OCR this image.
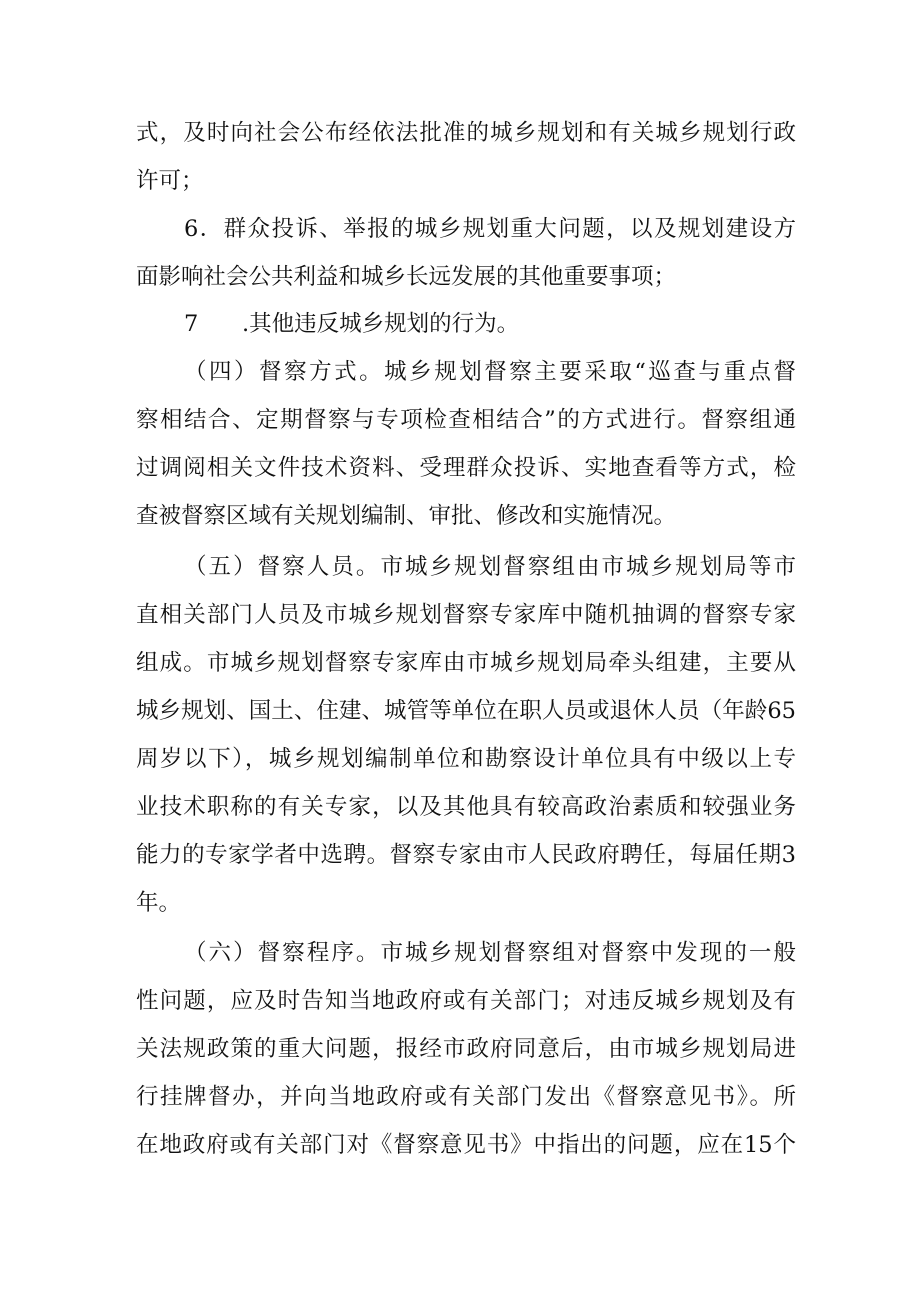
式，及时向社会公布经依法批准的城乡规划和有关城乡规划行政
许可；
6．群众投诉、举报的城乡规划重大问题，以及规划建设方
面影响社会公共利益和城乡长远发展的其他重要事项；
7 .其他违反城乡规划的行为。
（四）督察方式。城乡规划督察主要采取“巡查与重点督
察相结合、定期督察与专项检查相结合”的方式进行。督察组通
过调阅相关文件技术资料、受理群众投诉、实地查看等方式，检
查被督察区域有关规划编制、审批、修改和实施情况。
（五）督察人员。市城乡规划督察组由市城乡规划局等市
直相关部门人员及市城乡规划督察专家库中随机抽调的督察专家
组成。市城乡规划督察专家库由市城乡规划局牵头组建，主要从
城乡规划、国土、住建、城管等单位在职人员或退休人员（年龄65
周岁以下），城乡规划编制单位和勘察设计单位具有中级以上专
业技术职称的有关专家，以及其他具有较高政治素质和较强业务
能力的专家学者中选聘。督察专家由市人民政府聘任，每届任期3
年。
（六）督察程序。市城乡规划督察组对督察中发现的一般
性问题，应及时告知当地政府或有关部门；对违反城乡规划及有
关法规政策的重大问题，报经市政府同意后，由市城乡规划局进
行挂牌督办，并向当地政府或有关部门发出《督察意见书》。所
在地政府或有关部门对《督察意见书》中指出的问题，应在15个
